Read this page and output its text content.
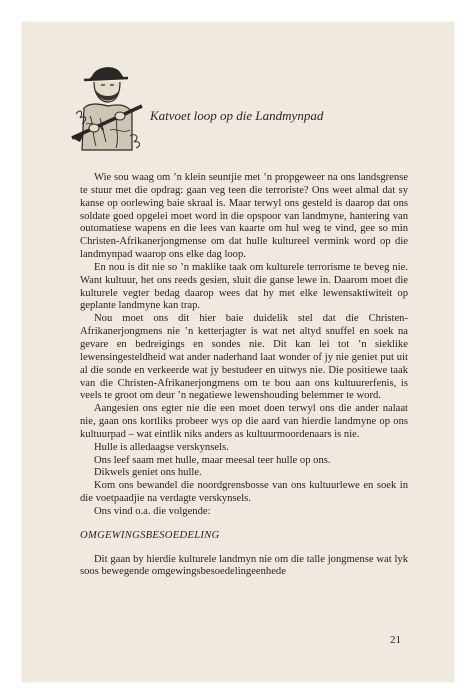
Katvoet loop op die Landmynpad

Wie sou waag om ’n klein seuntjie met ’n propgeweer na ons landsgrense te stuur met die opdrag: gaan veg teen die terroriste? Ons weet almal dat sy kanse op oorlewing baie skraal is. Maar terwyl ons gesteld is daarop dat ons soldate goed opgelei moet word in die opspoor van landmyne, hantering van outomatiese wapens en die lees van kaarte om hul weg te vind, gee so min Christen-Afrikanerjongmense om dat hulle kultureel vermink word op die landmynpad waarop ons elke dag loop.

En nou is dit nie so ’n maklike taak om kulturele terrorisme te beveg nie. Want kultuur, het ons reeds gesien, sluit die ganse lewe in. Daarom moet die kulturele vegter bedag daarop wees dat hy met elke lewensaktiwiteit op geplante landmyne kan trap.

Nou moet ons dit hier baie duidelik stel dat die Christen-Afrikanerjongmens nie ’n ketterjagter is wat net altyd snuffel en soek na gevare en bedreigings en sondes nie. Dit kan lei tot ’n sieklike lewensingesteldheid wat ander naderhand laat wonder of jy nie geniet put uit al die sonde en verkeerde wat jy bestudeer en uitwys nie. Die positiewe taak van die Christen-Afrikanerjongmens om te bou aan ons kultuurerfenis, is veels te groot om deur ’n negatiewe lewenshouding belemmer te word.

Aangesien ons egter nie die een moet doen terwyl ons die ander nalaat nie, gaan ons kortliks probeer wys op die aard van hierdie landmyne op ons kultuurpad – wat eintlik niks anders as kultuurmoordenaars is nie.

Hulle is alledaagse verskynsels.

Ons leef saam met hulle, maar meesal teer hulle op ons.

Dikwels geniet ons hulle.

Kom ons bewandel die noordgrensbosse van ons kultuurlewe en soek in die voetpaadjie na verdagte verskynsels.

Ons vind o.a. die volgende:

OMGEWINGSBESOEDELING

Dit gaan by hierdie kulturele landmyn nie om die talle jongmense wat lyk soos bewegende omgewingsbesoedelingeenhede

21
